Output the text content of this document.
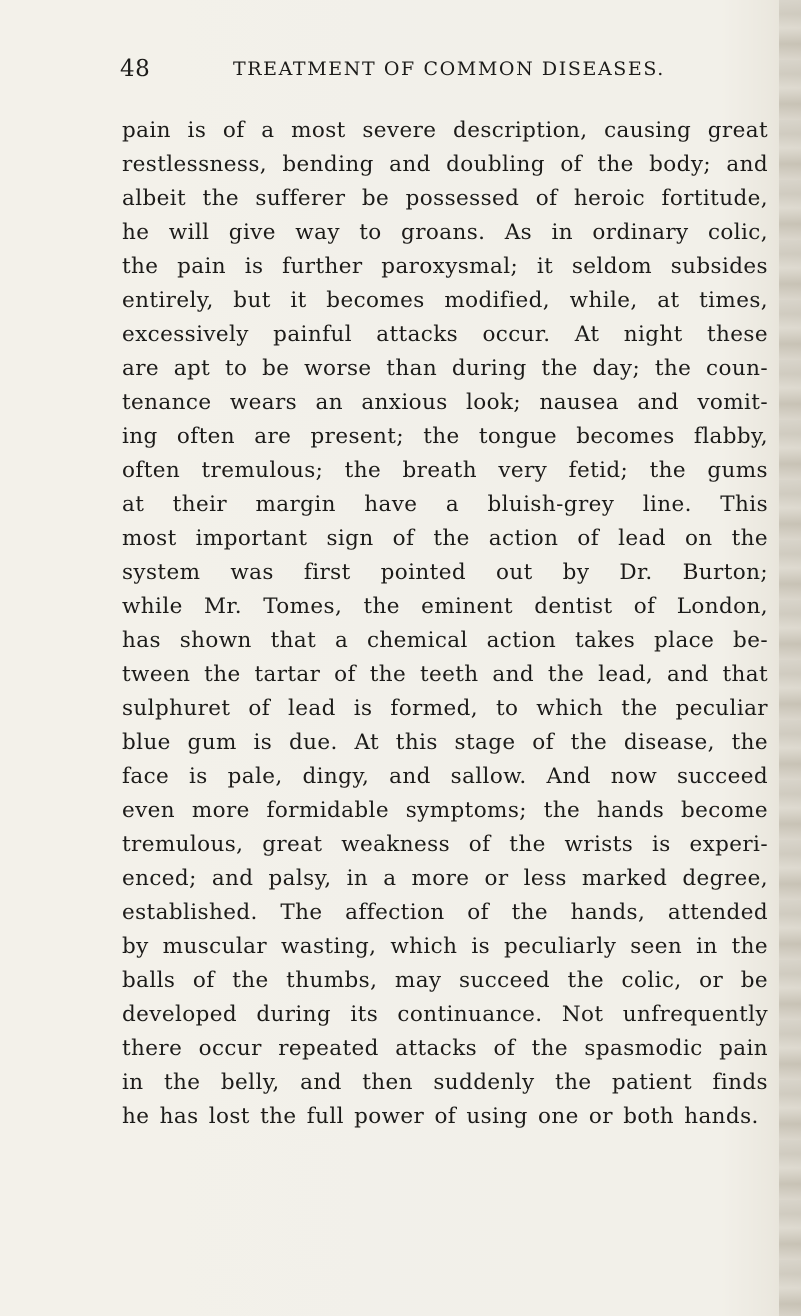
48	TREATMENT OF COMMON DISEASES.
pain is of a most severe description, causing great
restlessness, bending and doubling of the body; and
albeit the sufferer be possessed of heroic fortitude,
he will give way to groans. As in ordinary colic,
the pain is further paroxysmal; it seldom subsides
entirely, but it becomes modified, while, at times,
excessively painful attacks occur. At night these
are apt to be worse than during the day; the coun-
tenance wears an anxious look; nausea and vomit-
ing often are present; the tongue becomes flabby,
often tremulous; the breath very fetid; the gums
at their margin have a bluish-grey line. This
most important sign of the action of lead on the
system was first pointed out by Dr. Burton;
while Mr. Tomes, the eminent dentist of London,
has shown that a chemical action takes place be-
tween the tartar of the teeth and the lead, and that
sulphuret of lead is formed, to which the peculiar
blue gum is due. At this stage of the disease, the
face is pale, dingy, and sallow. And now succeed
even more formidable symptoms; the hands become
tremulous, great weakness of the wrists is experi-
enced; and palsy, in a more or less marked degree,
established. The affection of the hands, attended
by muscular wasting, which is peculiarly seen in the
balls of the thumbs, may succeed the colic, or be
developed during its continuance. Not unfrequently
there occur repeated attacks of the spasmodic pain
in the belly, and then suddenly the patient finds
he has lost the full power of using one or both hands.
